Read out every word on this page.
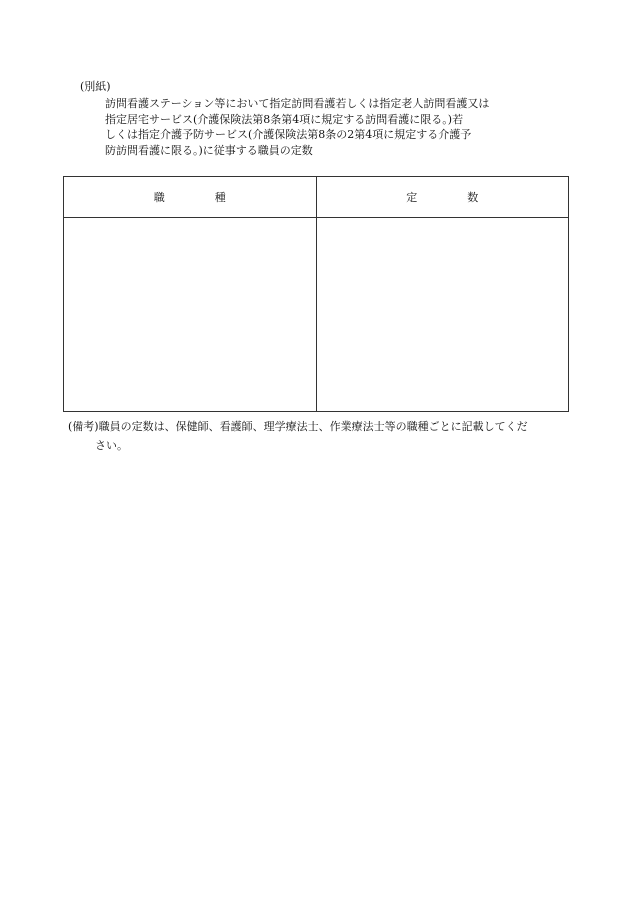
(別紙)
訪問看護ステーション等において指定訪問看護若しくは指定老人訪問看護又は
指定居宅サービス(介護保険法第8条第4項に規定する訪問看護に限る。)若
しくは指定介護予防サービス(介護保険法第8条の2第4項に規定する介護予
防訪問看護に限る。)に従事する職員の定数
職 種	定 数

(備考)職員の定数は、保健師、看護師、理学療法士、作業療法士等の職種ごとに記載してくだ
さい。
